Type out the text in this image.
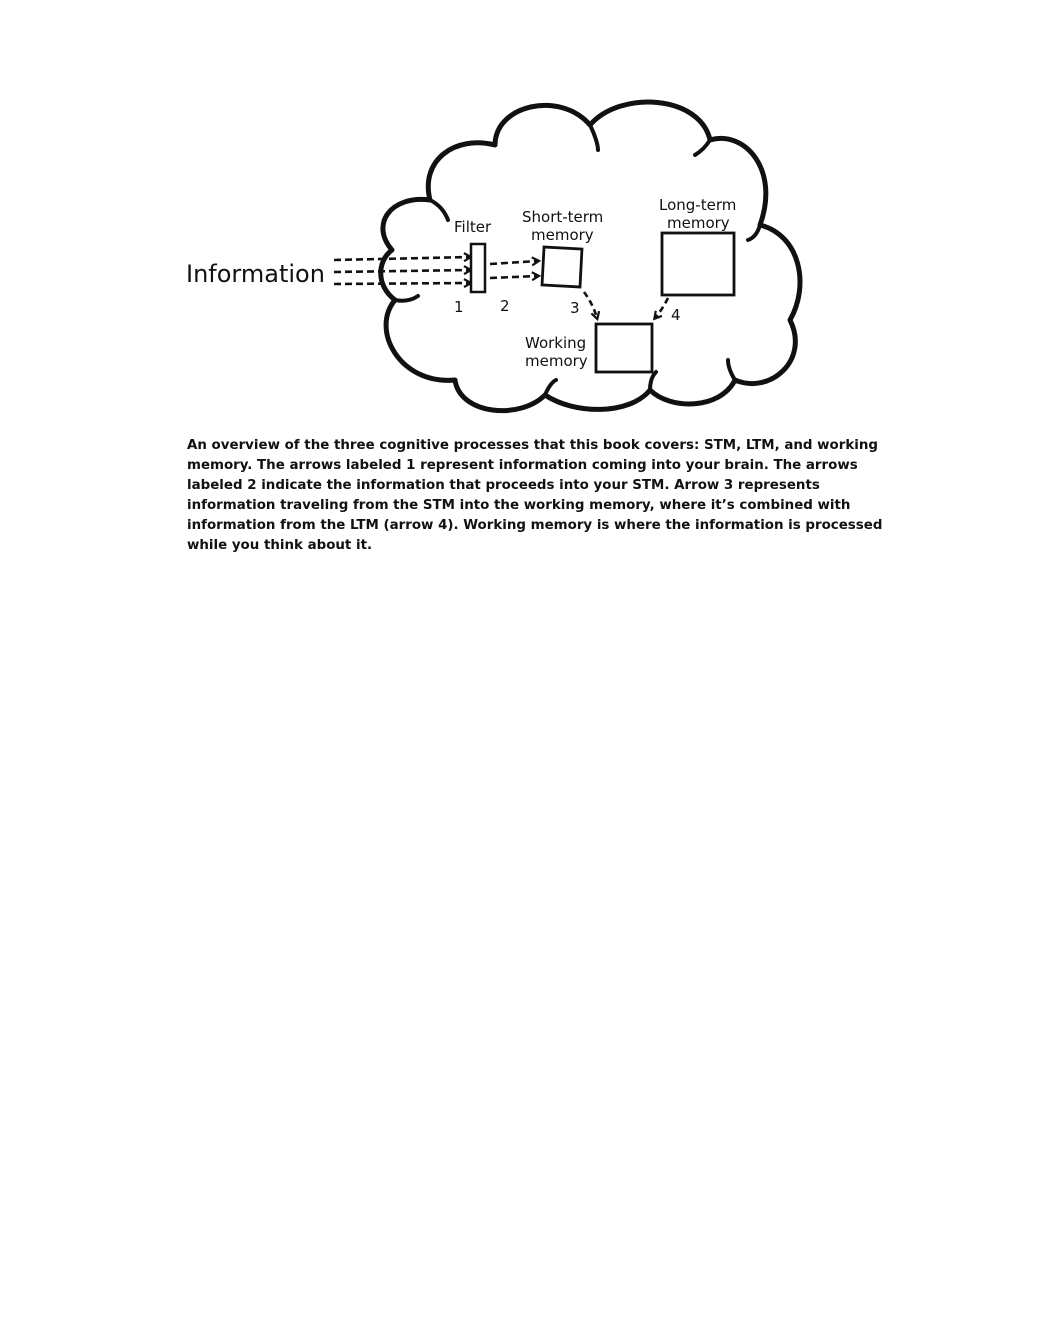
Information
Filter
Short-term
memory
Long-term
memory
Working
memory
1 2	3	4

An overview of the three cognitive processes that this book covers: STM, LTM, and working memory. The arrows labeled 1 represent information coming into your brain. The arrows labeled 2 indicate the information that proceeds into your STM. Arrow 3 represents information traveling from the STM into the working memory, where it’s combined with information from the LTM (arrow 4). Working memory is where the information is processed while you think about it.
